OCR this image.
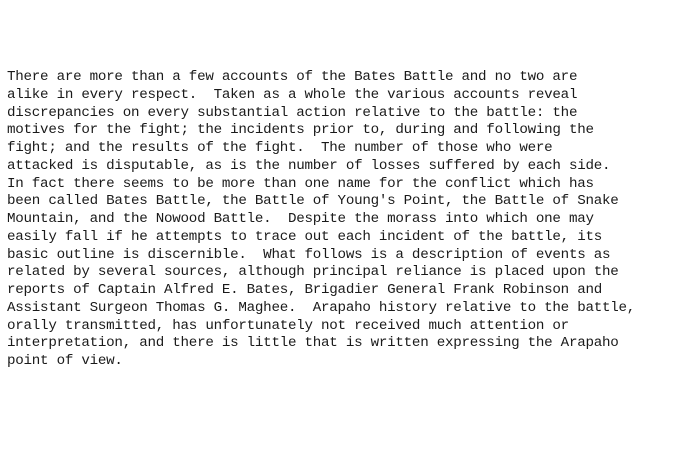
There are more than a few accounts of the Bates Battle and no two are
alike in every respect.  Taken as a whole the various accounts reveal
discrepancies on every substantial action relative to the battle: the
motives for the fight; the incidents prior to, during and following the
fight; and the results of the fight.  The number of those who were
attacked is disputable, as is the number of losses suffered by each side.
In fact there seems to be more than one name for the conflict which has
been called Bates Battle, the Battle of Young's Point, the Battle of Snake
Mountain, and the Nowood Battle.  Despite the morass into which one may
easily fall if he attempts to trace out each incident of the battle, its
basic outline is discernible.  What follows is a description of events as
related by several sources, although principal reliance is placed upon the
reports of Captain Alfred E. Bates, Brigadier General Frank Robinson and
Assistant Surgeon Thomas G. Maghee.  Arapaho history relative to the battle,
orally transmitted, has unfortunately not received much attention or
interpretation, and there is little that is written expressing the Arapaho
point of view.
